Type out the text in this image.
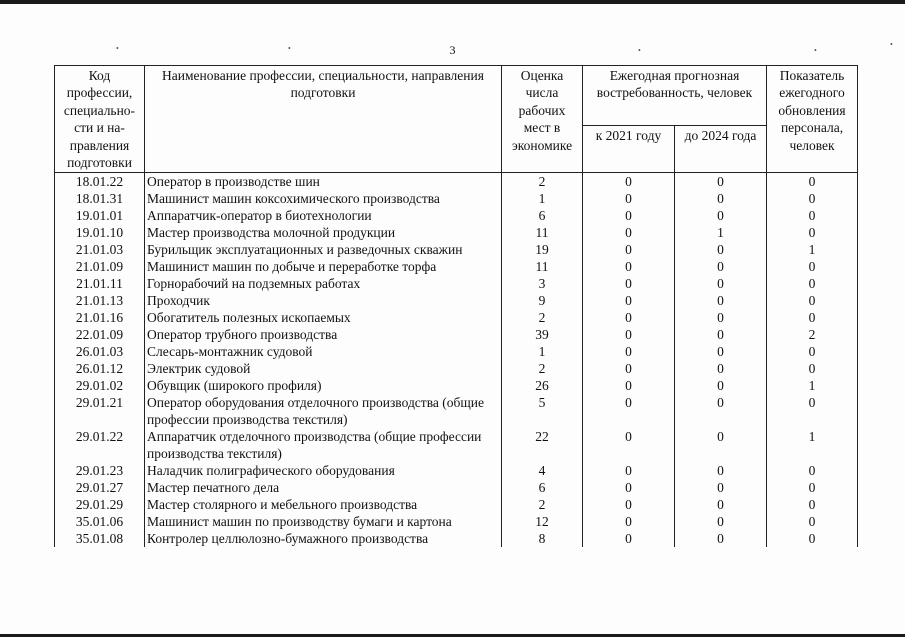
•	•	•	•
•
3
Код профессии, специально-сти и на-правления подготовки	Наименование профессии, специальности, направления подготовки	Оценка числа рабочих мест в экономике	Ежегодная прогнозная востребованность, человек		Показатель ежегодного обновления персонала, человек
			к 2021 году	до 2024 года	
18.01.22	Оператор в производстве шин	2	0	0	0
18.01.31	Машинист машин коксохимического производства	1	0	0	0
19.01.01	Аппаратчик-оператор в биотехнологии	6	0	0	0
19.01.10	Мастер производства молочной продукции	11	0	1	0
21.01.03	Бурильщик эксплуатационных и разведочных скважин	19	0	0	1
21.01.09	Машинист машин по добыче и переработке торфа	11	0	0	0
21.01.11	Горнорабочий на подземных работах	3	0	0	0
21.01.13	Проходчик	9	0	0	0
21.01.16	Обогатитель полезных ископаемых	2	0	0	0
22.01.09	Оператор трубного производства	39	0	0	2
26.01.03	Слесарь-монтажник судовой	1	0	0	0
26.01.12	Электрик судовой	2	0	0	0
29.01.02	Обувщик (широкого профиля)	26	0	0	1
29.01.21	Оператор оборудования отделочного производства (общие профессии производства текстиля)	5	0	0	0
29.01.22	Аппаратчик отделочного производства (общие профессии производства текстиля)	22	0	0	1
29.01.23	Наладчик полиграфического оборудования	4	0	0	0
29.01.27	Мастер печатного дела	6	0	0	0
29.01.29	Мастер столярного и мебельного производства	2	0	0	0
35.01.06	Машинист машин по производству бумаги и картона	12	0	0	0
35.01.08	Контролер целлюлозно-бумажного производства	8	0	0	0
